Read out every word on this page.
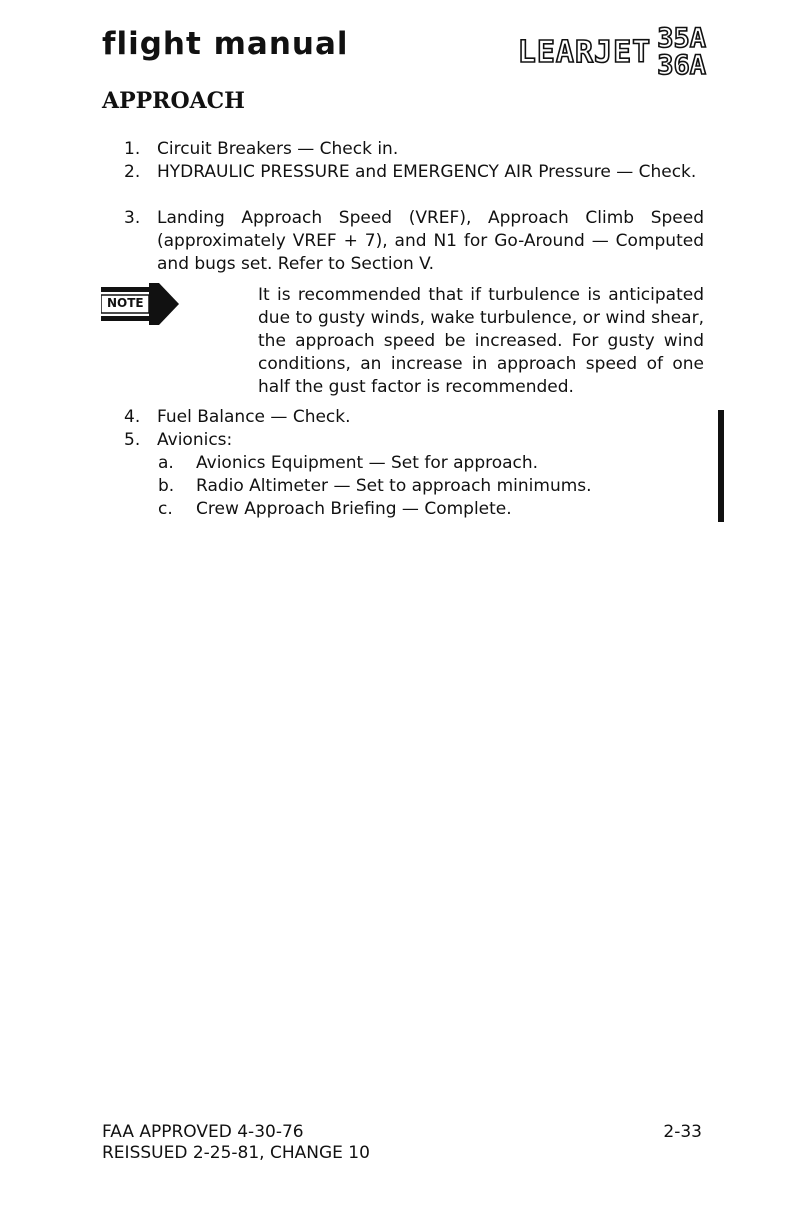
flight manual	LEARJET 35A
36A
APPROACH
1. Circuit Breakers — Check in.
2. HYDRAULIC PRESSURE and EMERGENCY AIR Pressure — Check.
3. Landing Approach Speed (VREF), Approach Climb Speed (approximately VREF + 7), and N1 for Go-Around — Computed and bugs set. Refer to Section V.
NOTE	It is recommended that if turbulence is anticipated due to gusty winds, wake turbulence, or wind shear, the approach speed be increased. For gusty wind conditions, an increase in approach speed of one half the gust factor is recommended.
4. Fuel Balance — Check.
5. Avionics:
a.	Avionics Equipment — Set for approach.
b.	Radio Altimeter — Set to approach minimums.
c.	Crew Approach Briefing — Complete.
FAA APPROVED 4-30-76
REISSUED 2-25-81, CHANGE 10
2-33
